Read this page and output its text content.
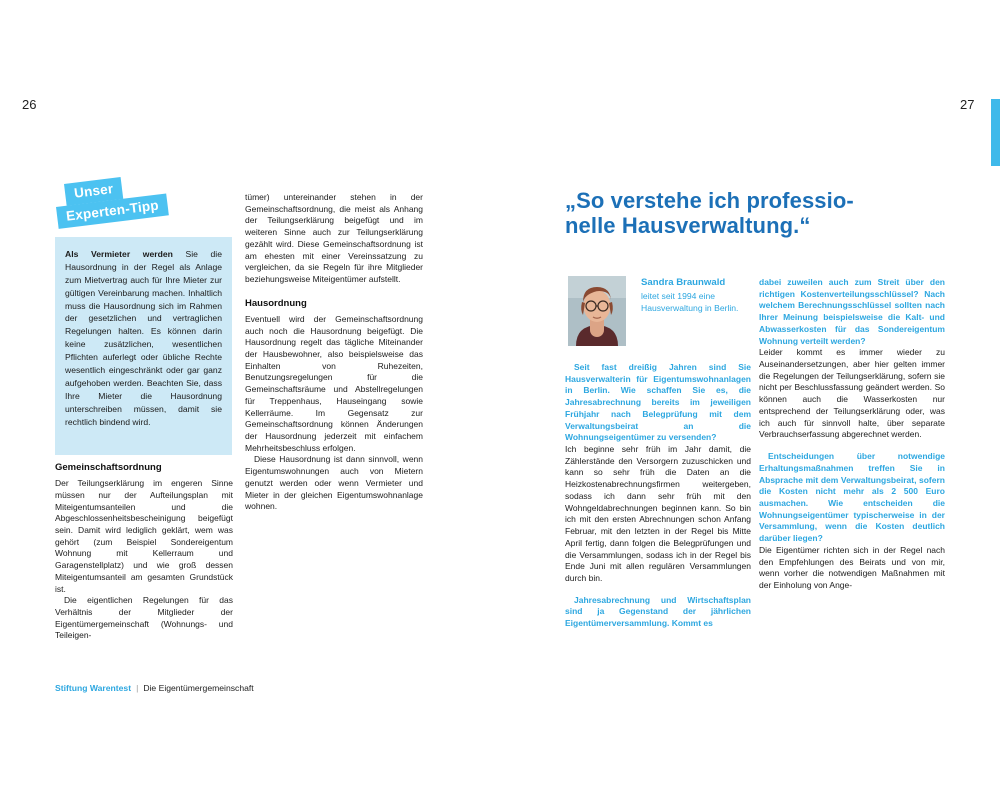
26	27
Unser
Experten-Tipp
Als Vermieter werden Sie die Hausordnung in der Regel als Anlage zum Mietvertrag auch für Ihre Mieter zur gültigen Vereinbarung machen. Inhaltlich muss die Hausordnung sich im Rahmen der gesetzlichen und vertraglichen Regelungen halten. Es können darin keine zusätzlichen, wesentlichen Pflichten auferlegt oder übliche Rechte wesentlich eingeschränkt oder gar ganz aufgehoben werden. Beachten Sie, dass Ihre Mieter die Hausordnung unterschreiben müssen, damit sie rechtlich bindend wird.
Gemeinschaftsordnung

Der Teilungserklärung im engeren Sinne müssen nur der Aufteilungsplan mit Miteigentumsanteilen und die Abgeschlossenheitsbescheinigung beigefügt sein. Damit wird lediglich geklärt, wem was gehört (zum Beispiel Sondereigentum Wohnung mit Kellerraum und Garagenstellplatz) und wie groß dessen Miteigentumsanteil am gesamten Grundstück ist.

Die eigentlichen Regelungen für das Verhältnis der Mitglieder der Eigentümergemeinschaft (Wohnungs- und Teileigen-

tümer) untereinander stehen in der Gemeinschaftsordnung, die meist als Anhang der Teilungserklärung beigefügt und im weiteren Sinne auch zur Teilungserklärung gezählt wird. Diese Gemeinschaftsordnung ist am ehesten mit einer Vereinssatzung zu vergleichen, da sie Regeln für ihre Mitglieder beziehungsweise Miteigentümer aufstellt.

Hausordnung

Eventuell wird der Gemeinschaftsordnung auch noch die Hausordnung beigefügt. Die Hausordnung regelt das tägliche Miteinander der Hausbewohner, also beispielsweise das Einhalten von Ruhezeiten, Benutzungsregelungen für die Gemeinschaftsräume und Abstellregelungen für Treppenhaus, Hauseingang sowie Kellerräume. Im Gegensatz zur Gemeinschaftsordnung können Änderungen der Hausordnung jederzeit mit einfachem Mehrheitsbeschluss erfolgen.

Diese Hausordnung ist dann sinnvoll, wenn Eigentumswohnungen auch von Mietern genutzt werden oder wenn Vermieter und Mieter in der gleichen Eigentumswohnanlage wohnen.

Stiftung Warentest | Die Eigentümergemeinschaft
„So verstehe ich professio-
nelle Hausverwaltung.“

Sandra Braunwald

leitet seit 1994 eine Hausverwaltung in Berlin.

Seit fast dreißig Jahren sind Sie Hausverwalterin für Eigentumswohnanlagen in Berlin. Wie schaffen Sie es, die Jahresabrechnung bereits im jeweiligen Frühjahr nach Belegprüfung mit dem Verwaltungsbeirat an die Wohnungseigentümer zu versenden?

Ich beginne sehr früh im Jahr damit, die Zählerstände den Versorgern zuzuschicken und kann so sehr früh die Daten an die Heizkostenabrechnungsfirmen weitergeben, sodass ich dann sehr früh mit den Wohngeldabrechnungen beginnen kann. So bin ich mit den ersten Abrechnungen schon Anfang Februar, mit den letzten in der Regel bis Mitte April fertig, dann folgen die Belegprüfungen und die Versammlungen, sodass ich in der Regel bis Ende Juni mit allen regulären Versammlungen durch bin.

Jahresabrechnung und Wirtschaftsplan sind ja Gegenstand der jährlichen Eigentümerversammlung. Kommt es

dabei zuweilen auch zum Streit über den richtigen Kostenverteilungsschlüssel? Nach welchem Berechnungsschlüssel sollten nach Ihrer Meinung beispielsweise die Kalt- und Abwasserkosten für das Sondereigentum Wohnung verteilt werden?

Leider kommt es immer wieder zu Auseinandersetzungen, aber hier gelten immer die Regelungen der Teilungserklärung, sofern sie nicht per Beschlussfassung geändert werden. So können auch die Wasserkosten nur entsprechend der Teilungserklärung oder, was ich auch für sinnvoll halte, über separate Verbrauchserfassung abgerechnet werden.

Entscheidungen über notwendige Erhaltungsmaßnahmen treffen Sie in Absprache mit dem Verwaltungsbeirat, sofern die Kosten nicht mehr als 2 500 Euro ausmachen. Wie entscheiden die Wohnungseigentümer typischerweise in der Versammlung, wenn die Kosten deutlich darüber liegen?

Die Eigentümer richten sich in der Regel nach den Empfehlungen des Beirats und von mir, wenn vorher die notwendigen Maßnahmen mit der Einholung von Ange-
